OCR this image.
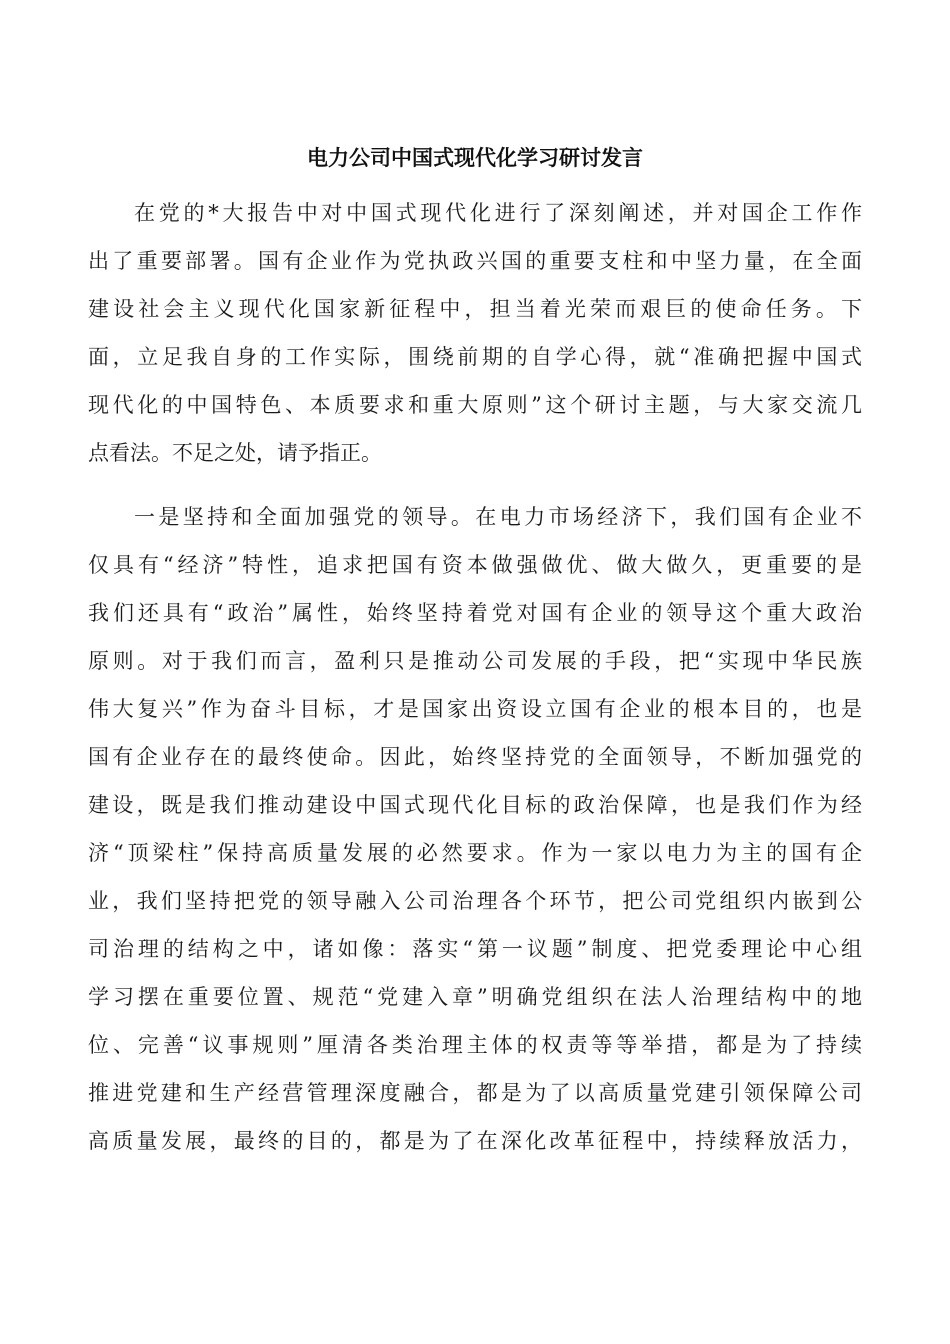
电力公司中国式现代化学习研讨发言
在党的*大报告中对中国式现代化进行了深刻阐述，并对国企工作作
出了重要部署。国有企业作为党执政兴国的重要支柱和中坚力量，在全面
建设社会主义现代化国家新征程中，担当着光荣而艰巨的使命任务。下
面，立足我自身的工作实际，围绕前期的自学心得，就“准确把握中国式
现代化的中国特色、本质要求和重大原则”这个研讨主题，与大家交流几
点看法。不足之处，请予指正。
一是坚持和全面加强党的领导。在电力市场经济下，我们国有企业不
仅具有“经济”特性，追求把国有资本做强做优、做大做久，更重要的是
我们还具有“政治”属性，始终坚持着党对国有企业的领导这个重大政治
原则。对于我们而言，盈利只是推动公司发展的手段，把“实现中华民族
伟大复兴”作为奋斗目标，才是国家出资设立国有企业的根本目的，也是
国有企业存在的最终使命。因此，始终坚持党的全面领导，不断加强党的
建设，既是我们推动建设中国式现代化目标的政治保障，也是我们作为经
济“顶梁柱”保持高质量发展的必然要求。作为一家以电力为主的国有企
业，我们坚持把党的领导融入公司治理各个环节，把公司党组织内嵌到公
司治理的结构之中，诸如像：落实“第一议题”制度、把党委理论中心组
学习摆在重要位置、规范“党建入章”明确党组织在法人治理结构中的地
位、完善“议事规则”厘清各类治理主体的权责等等举措，都是为了持续
推进党建和生产经营管理深度融合，都是为了以高质量党建引领保障公司
高质量发展，最终的目的，都是为了在深化改革征程中，持续释放活力，
